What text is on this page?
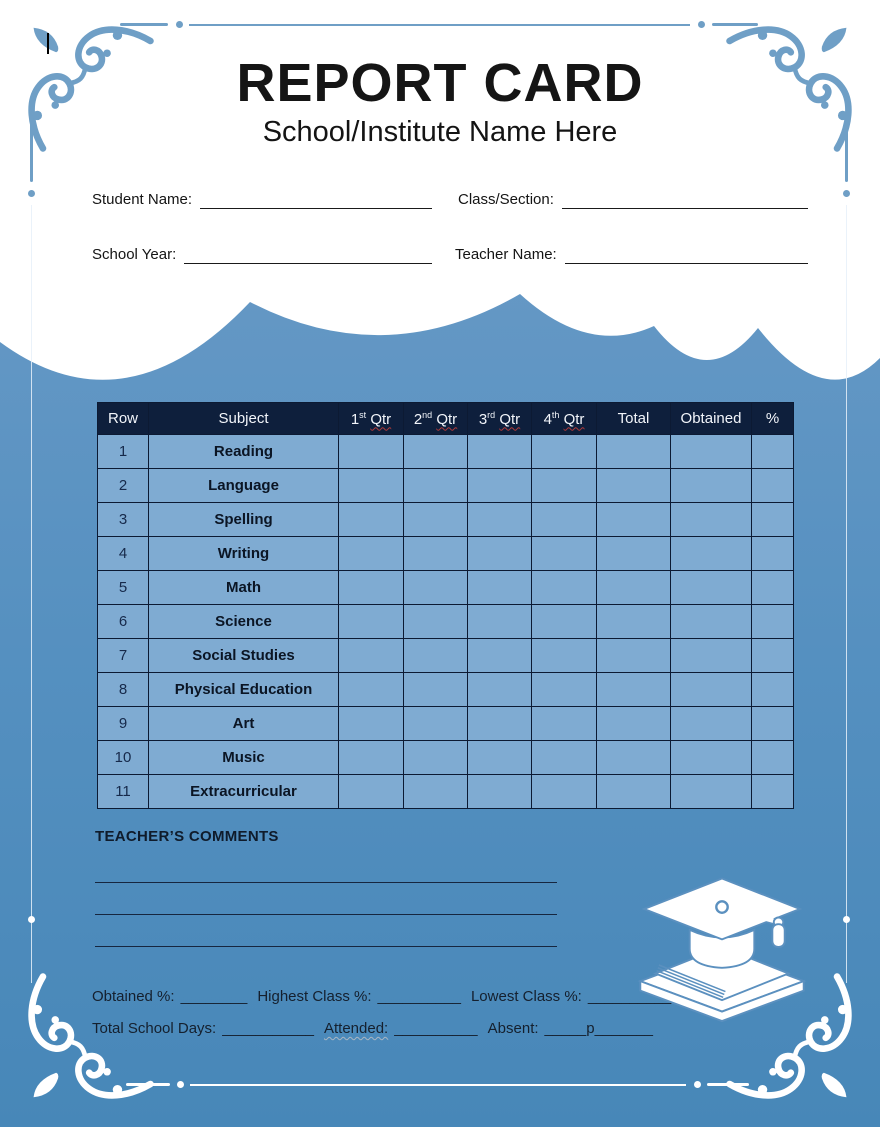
REPORT CARD
School/Institute Name Here
Student Name:	Class/Section:
School Year:	Teacher Name:
Row	Subject	1st Qtr	2nd Qtr	3rd Qtr	4th Qtr	Total	Obtained	%
1	Reading							
2	Language							
3	Spelling							
4	Writing							
5	Math							
6	Science							
7	Social Studies							
8	Physical Education							
9	Art							
10	Music							
11	Extracurricular							
TEACHER’S COMMENTS
Obtained %: ________ Highest Class %: __________ Lowest Class %: __________
Total School Days: ___________ Attended: __________ Absent: _____p_______
